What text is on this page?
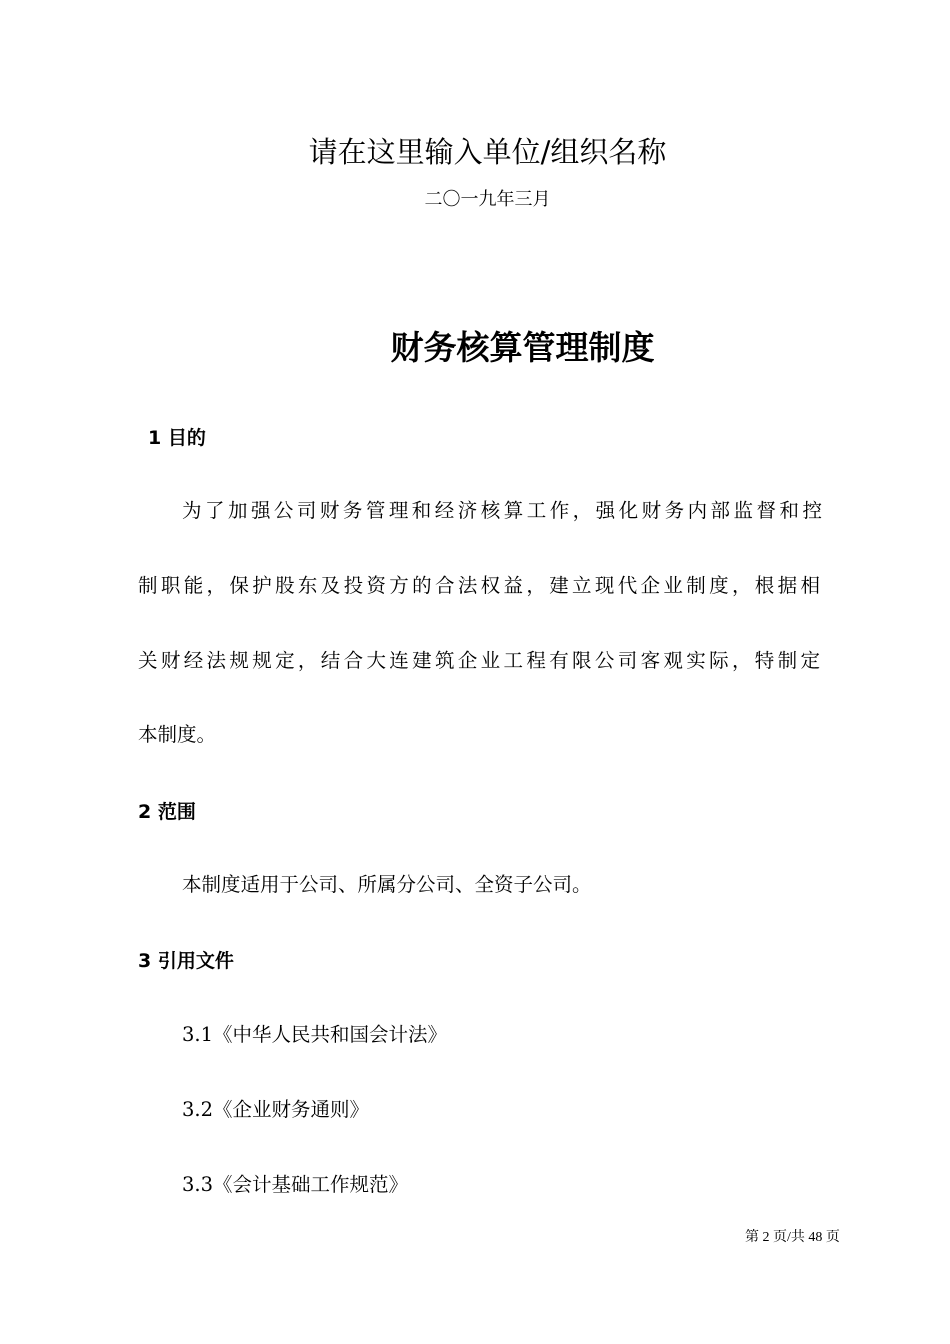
请在这里输入单位/组织名称

二〇一九年三月

财务核算管理制度
1 目的

为了加强公司财务管理和经济核算工作，强化财务内部监督和控

制职能，保护股东及投资方的合法权益，建立现代企业制度，根据相

关财经法规规定，结合大连建筑企业工程有限公司客观实际，特制定

本制度。

2 范围

本制度适用于公司、所属分公司、全资子公司。

3 引用文件

3.1《中华人民共和国会计法》

3.2《企业财务通则》

3.3《会计基础工作规范》

第 2 页/共 48 页
